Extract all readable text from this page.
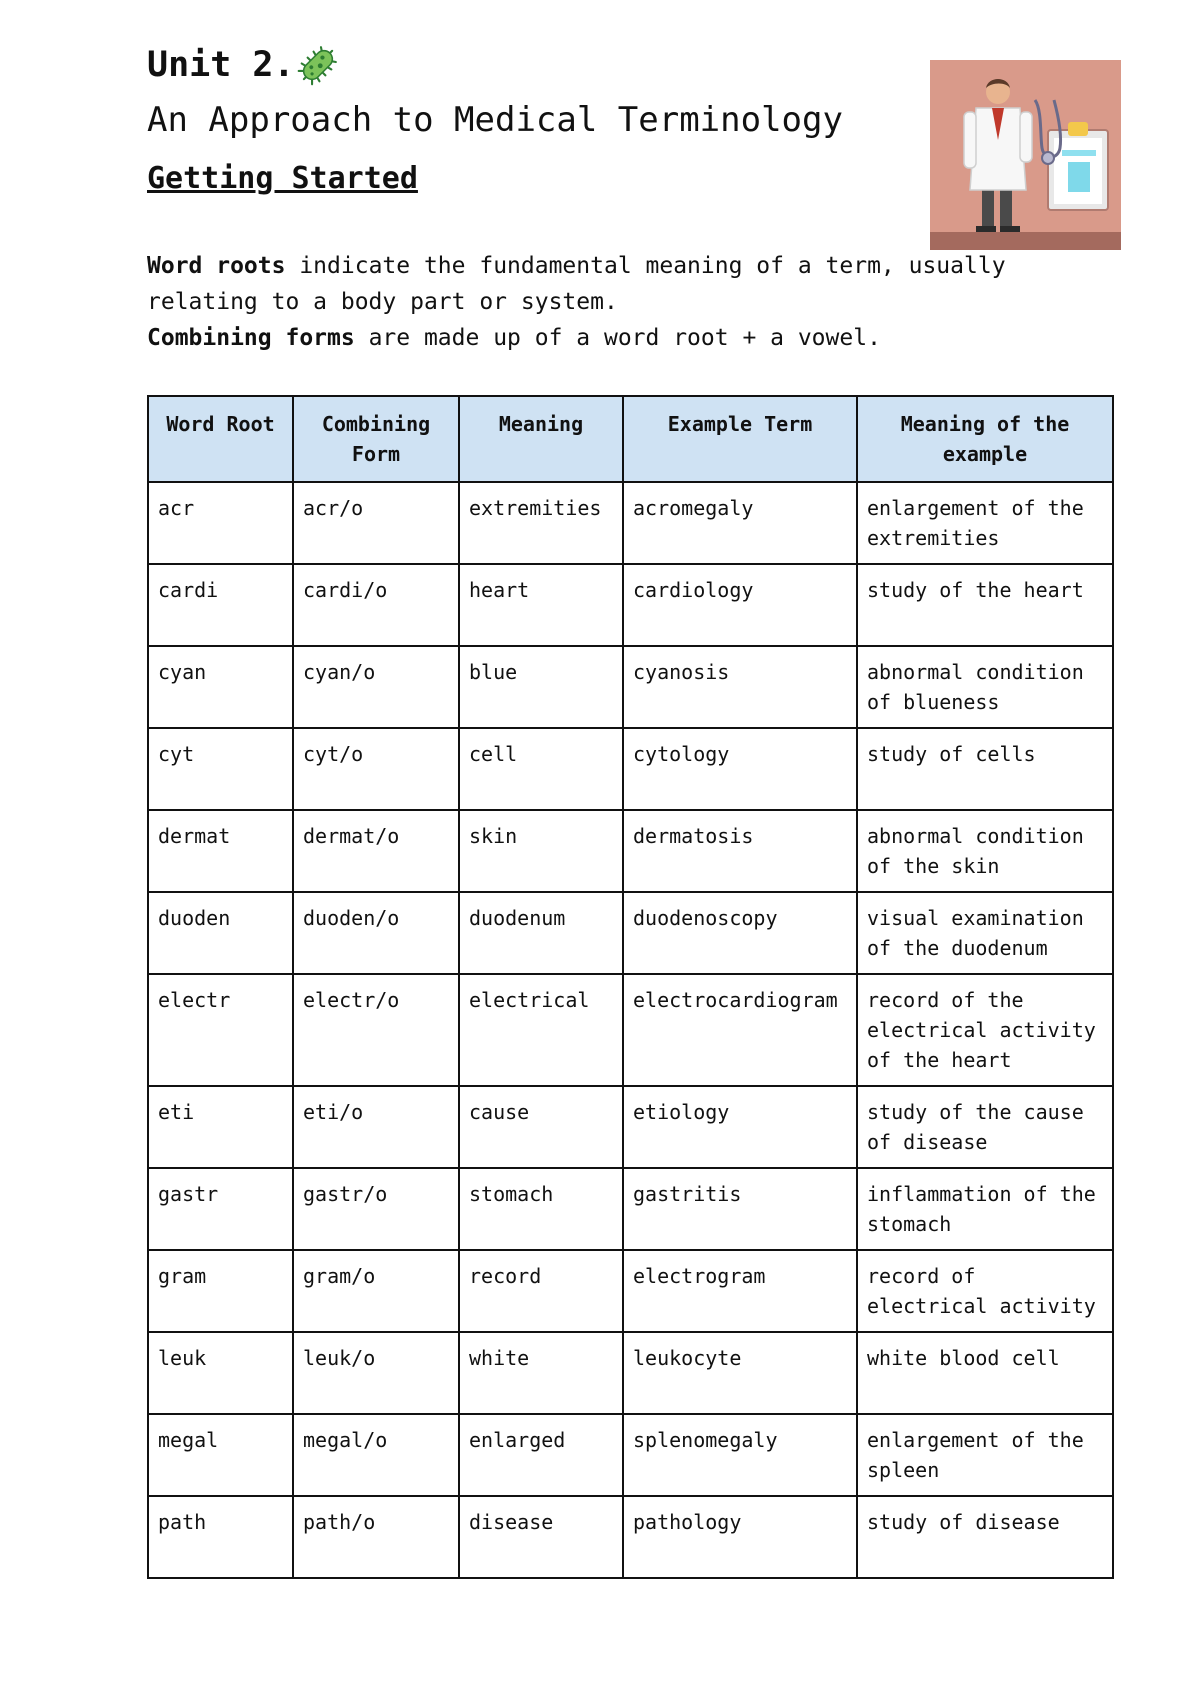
Unit 2.
An Approach to Medical Terminology
Getting Started

Word roots indicate the fundamental meaning of a term, usually relating to a body part or system.

Combining forms are made up of a word root + a vowel.

Word Root	Combining Form	Meaning	Example Term	Meaning of the example
acr	acr/o	extremities	acromegaly	enlargement of the extremities
cardi	cardi/o	heart	cardiology	study of the heart
cyan	cyan/o	blue	cyanosis	abnormal condition of blueness
cyt	cyt/o	cell	cytology	study of cells
dermat	dermat/o	skin	dermatosis	abnormal condition of the skin
duoden	duoden/o	duodenum	duodenoscopy	visual examination of the duodenum
electr	electr/o	electrical	electrocardiogram	record of the electrical activity of the heart
eti	eti/o	cause	etiology	study of the cause of disease
gastr	gastr/o	stomach	gastritis	inflammation of the stomach
gram	gram/o	record	electrogram	record of electrical activity
leuk	leuk/o	white	leukocyte	white blood cell
megal	megal/o	enlarged	splenomegaly	enlargement of the spleen
path	path/o	disease	pathology	study of disease
